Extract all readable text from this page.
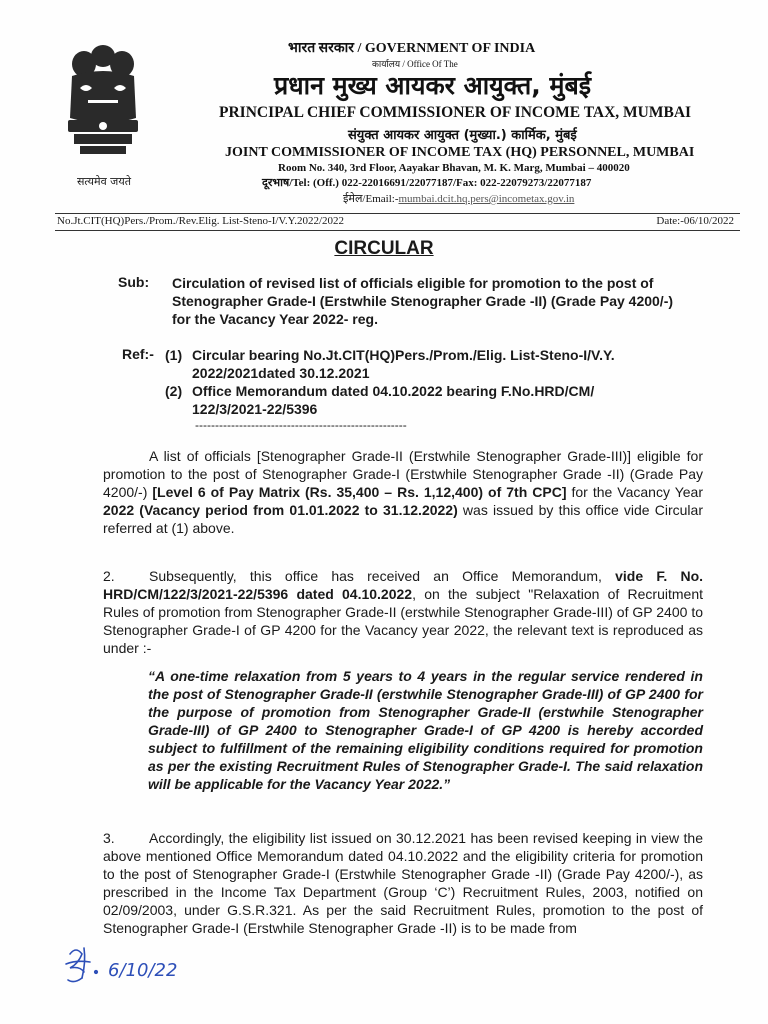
सत्यमेव जयते
भारत सरकार / GOVERNMENT OF INDIA
कार्यालय / Office Of The
प्रधान मुख्य आयकर आयुक्त, मुंबई
PRINCIPAL CHIEF COMMISSIONER OF INCOME TAX, MUMBAI
संयुक्त आयकर आयुक्त (मुख्या.) कार्मिक, मुंबई
JOINT COMMISSIONER OF INCOME TAX (HQ) PERSONNEL, MUMBAI
Room No. 340, 3rd Floor, Aayakar Bhavan, M. K. Marg, Mumbai – 400020
दूरभाष/Tel: (Off.) 022-22016691/22077187/Fax: 022-22079273/22077187
ईमेल/Email:-mumbai.dcit.hq.pers@incometax.gov.in
No.Jt.CIT(HQ)Pers./Prom./Rev.Elig. List-Steno-I/V.Y.2022/2022	Date:-06/10/2022
CIRCULAR
Sub: Circulation of revised list of officials eligible for promotion to the post of Stenographer Grade-I (Erstwhile Stenographer Grade -II) (Grade Pay 4200/-) for the Vacancy Year 2022- reg.
Ref:- (1) Circular bearing No.Jt.CIT(HQ)Pers./Prom./Elig. List-Steno-I/V.Y.
2022/2021dated 30.12.2021
(2) Office Memorandum dated 04.10.2022 bearing F.No.HRD/CM/
122/3/2021-22/5396
-----------------------------------------------------
A list of officials [Stenographer Grade-II (Erstwhile Stenographer Grade-III)] eligible for promotion to the post of Stenographer Grade-I (Erstwhile Stenographer Grade -II) (Grade Pay 4200/-) [Level 6 of Pay Matrix (Rs. 35,400 – Rs. 1,12,400) of 7th CPC] for the Vacancy Year 2022 (Vacancy period from 01.01.2022 to 31.12.2022) was issued by this office vide Circular referred at (1) above.
2. Subsequently, this office has received an Office Memorandum, vide F. No. HRD/CM/122/3/2021-22/5396 dated 04.10.2022, on the subject "Relaxation of Recruitment Rules of promotion from Stenographer Grade-II (erstwhile Stenographer Grade-III) of GP 2400 to Stenographer Grade-I of GP 4200 for the Vacancy year 2022, the relevant text is reproduced as under :-
“A one-time relaxation from 5 years to 4 years in the regular service rendered in the post of Stenographer Grade-II (erstwhile Stenographer Grade-III) of GP 2400 for the purpose of promotion from Stenographer Grade-II (erstwhile Stenographer Grade-III) of GP 2400 to Stenographer Grade-I of GP 4200 is hereby accorded subject to fulfillment of the remaining eligibility conditions required for promotion as per the existing Recruitment Rules of Stenographer Grade-I. The said relaxation will be applicable for the Vacancy Year 2022.”
3. Accordingly, the eligibility list issued on 30.12.2021 has been revised keeping in view the above mentioned Office Memorandum dated 04.10.2022 and the eligibility criteria for promotion to the post of Stenographer Grade-I (Erstwhile Stenographer Grade -II) (Grade Pay 4200/-), as prescribed in the Income Tax Department (Group ‘C’) Recruitment Rules, 2003, notified on 02/09/2003, under G.S.R.321. As per the said Recruitment Rules, promotion to the post of Stenographer Grade-I (Erstwhile Stenographer Grade -II) is to be made from
6/10/22
